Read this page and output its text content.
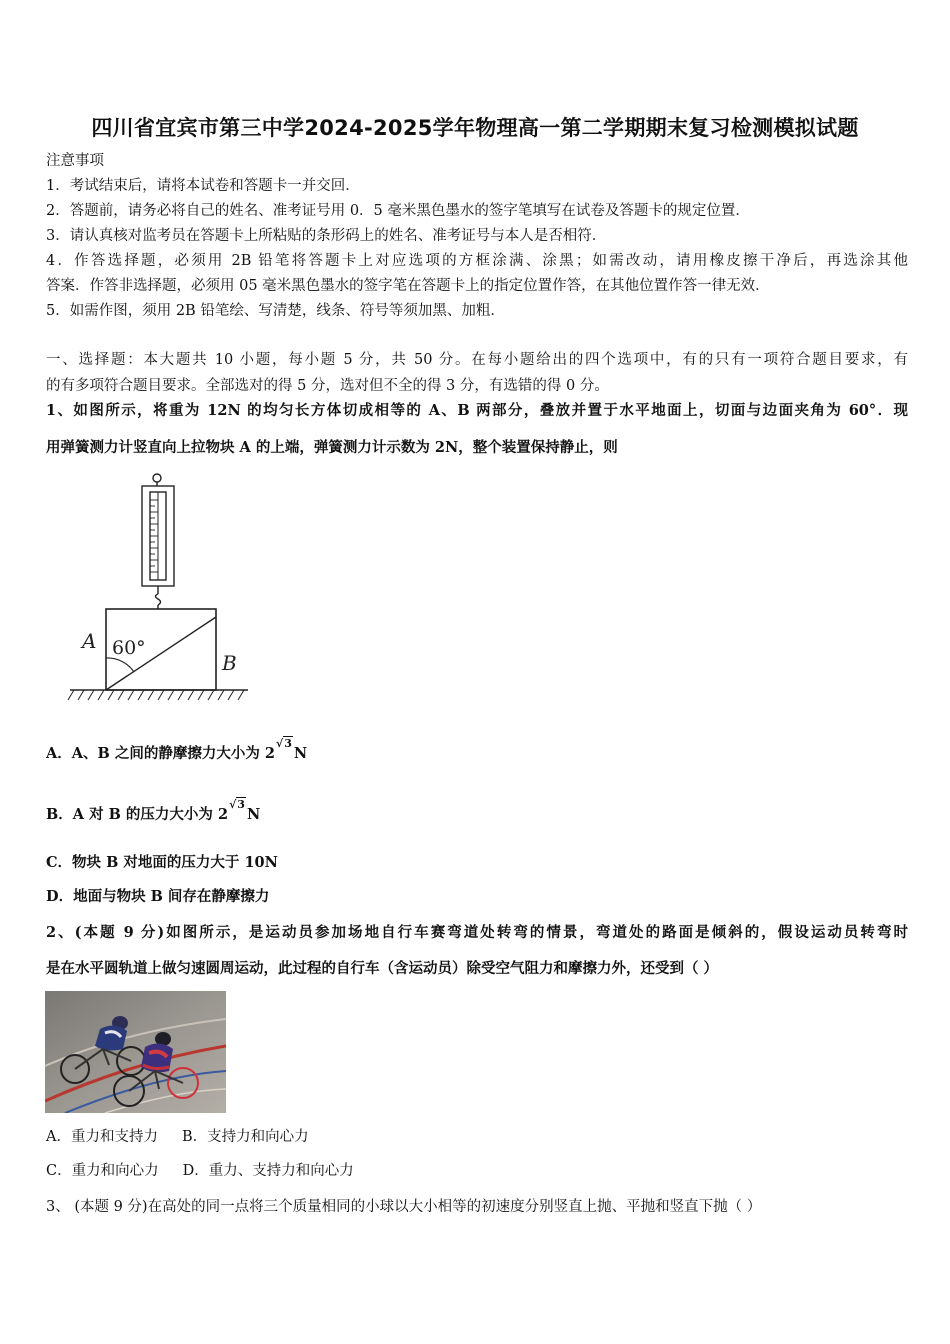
四川省宜宾市第三中学2024-2025学年物理高一第二学期期末复习检测模拟试题
注意事项
1．考试结束后，请将本试卷和答题卡一并交回．
2．答题前，请务必将自己的姓名、准考证号用 0．5 毫米黑色墨水的签字笔填写在试卷及答题卡的规定位置．
3．请认真核对监考员在答题卡上所粘贴的条形码上的姓名、准考证号与本人是否相符．
4．作答选择题，必须用 2B 铅笔将答题卡上对应选项的方框涂满、涂黑；如需改动，请用橡皮擦干净后，再选涂其他
答案．作答非选择题，必须用 05 毫米黑色墨水的签字笔在答题卡上的指定位置作答，在其他位置作答一律无效．
5．如需作图，须用 2B 铅笔绘、写清楚，线条、符号等须加黑、加粗．
一、选择题：本大题共 10 小题，每小题 5 分，共 50 分。在每小题给出的四个选项中，有的只有一项符合题目要求，有
的有多项符合题目要求。全部选对的得 5 分，选对但不全的得 3 分，有选错的得 0 分。
1、如图所示，将重为 12N 的均匀长方体切成相等的 A、B 两部分，叠放并置于水平地面上，切面与边面夹角为 60°．现
用弹簧测力计竖直向上拉物块 A 的上端，弹簧测力计示数为 2N，整个装置保持静止，则
A 60°
B
A．A、B 之间的静摩擦力大小为 2√3N
B．A 对 B 的压力大小为 2√3N
C．物块 B 对地面的压力大于 10N
D．地面与物块 B 间存在静摩擦力
2、(本题 9 分)如图所示，是运动员参加场地自行车赛弯道处转弯的情景，弯道处的路面是倾斜的，假设运动员转弯时
是在水平圆轨道上做匀速圆周运动，此过程的自行车（含运动员）除受空气阻力和摩擦力外，还受到（ ）
A．重力和支持力 B．支持力和向心力
C．重力和向心力 D．重力、支持力和向心力
3、 (本题 9 分)在高处的同一点将三个质量相同的小球以大小相等的初速度分别竖直上抛、平抛和竖直下抛（ ）
